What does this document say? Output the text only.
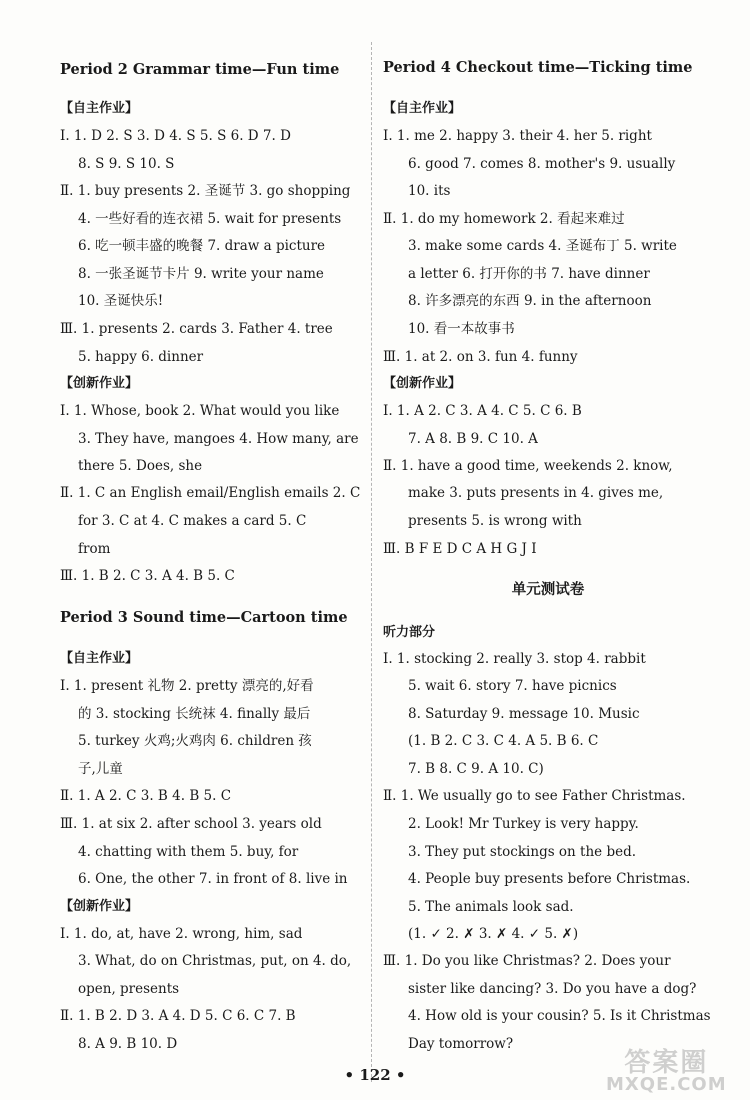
Period 2 Grammar time—Fun time
【自主作业】
Ⅰ. 1. D 2. S 3. D 4. S 5. S 6. D 7. D
8. S 9. S 10. S
Ⅱ. 1. buy presents 2. 圣诞节 3. go shopping
4. 一些好看的连衣裙 5. wait for presents
6. 吃一顿丰盛的晚餐 7. draw a picture
8. 一张圣诞节卡片 9. write your name
10. 圣诞快乐!
Ⅲ. 1. presents 2. cards 3. Father 4. tree
5. happy 6. dinner
【创新作业】
Ⅰ. 1. Whose, book 2. What would you like
3. They have, mangoes 4. How many, are
there 5. Does, she
Ⅱ. 1. C an English email/English emails 2. C
for 3. C at 4. C makes a card 5. C
from
Ⅲ. 1. B 2. C 3. A 4. B 5. C
Period 3 Sound time—Cartoon time
【自主作业】
Ⅰ. 1. present 礼物 2. pretty 漂亮的,好看
的 3. stocking 长统袜 4. finally 最后
5. turkey 火鸡;火鸡肉 6. children 孩
子,儿童
Ⅱ. 1. A 2. C 3. B 4. B 5. C
Ⅲ. 1. at six 2. after school 3. years old
4. chatting with them 5. buy, for
6. One, the other 7. in front of 8. live in
【创新作业】
Ⅰ. 1. do, at, have 2. wrong, him, sad
3. What, do on Christmas, put, on 4. do,
open, presents
Ⅱ. 1. B 2. D 3. A 4. D 5. C 6. C 7. B
8. A 9. B 10. D
Period 4 Checkout time—Ticking time
【自主作业】
Ⅰ. 1. me 2. happy 3. their 4. her 5. right
6. good 7. comes 8. mother's 9. usually
10. its
Ⅱ. 1. do my homework 2. 看起来难过
3. make some cards 4. 圣诞布丁 5. write
a letter 6. 打开你的书 7. have dinner
8. 许多漂亮的东西 9. in the afternoon
10. 看一本故事书
Ⅲ. 1. at 2. on 3. fun 4. funny
【创新作业】
Ⅰ. 1. A 2. C 3. A 4. C 5. C 6. B
7. A 8. B 9. C 10. A
Ⅱ. 1. have a good time, weekends 2. know,
make 3. puts presents in 4. gives me,
presents 5. is wrong with
Ⅲ. B F E D C A H G J I
单元测试卷
听力部分
Ⅰ. 1. stocking 2. really 3. stop 4. rabbit
5. wait 6. story 7. have picnics
8. Saturday 9. message 10. Music
(1. B 2. C 3. C 4. A 5. B 6. C
7. B 8. C 9. A 10. C)
Ⅱ. 1. We usually go to see Father Christmas.
2. Look! Mr Turkey is very happy.
3. They put stockings on the bed.
4. People buy presents before Christmas.
5. The animals look sad.
(1. ✓ 2. ✗ 3. ✗ 4. ✓ 5. ✗)
Ⅲ. 1. Do you like Christmas? 2. Does your
sister like dancing? 3. Do you have a dog?
4. How old is your cousin? 5. Is it Christmas
Day tomorrow?
• 122 •	答案圈
MXQE.COM
